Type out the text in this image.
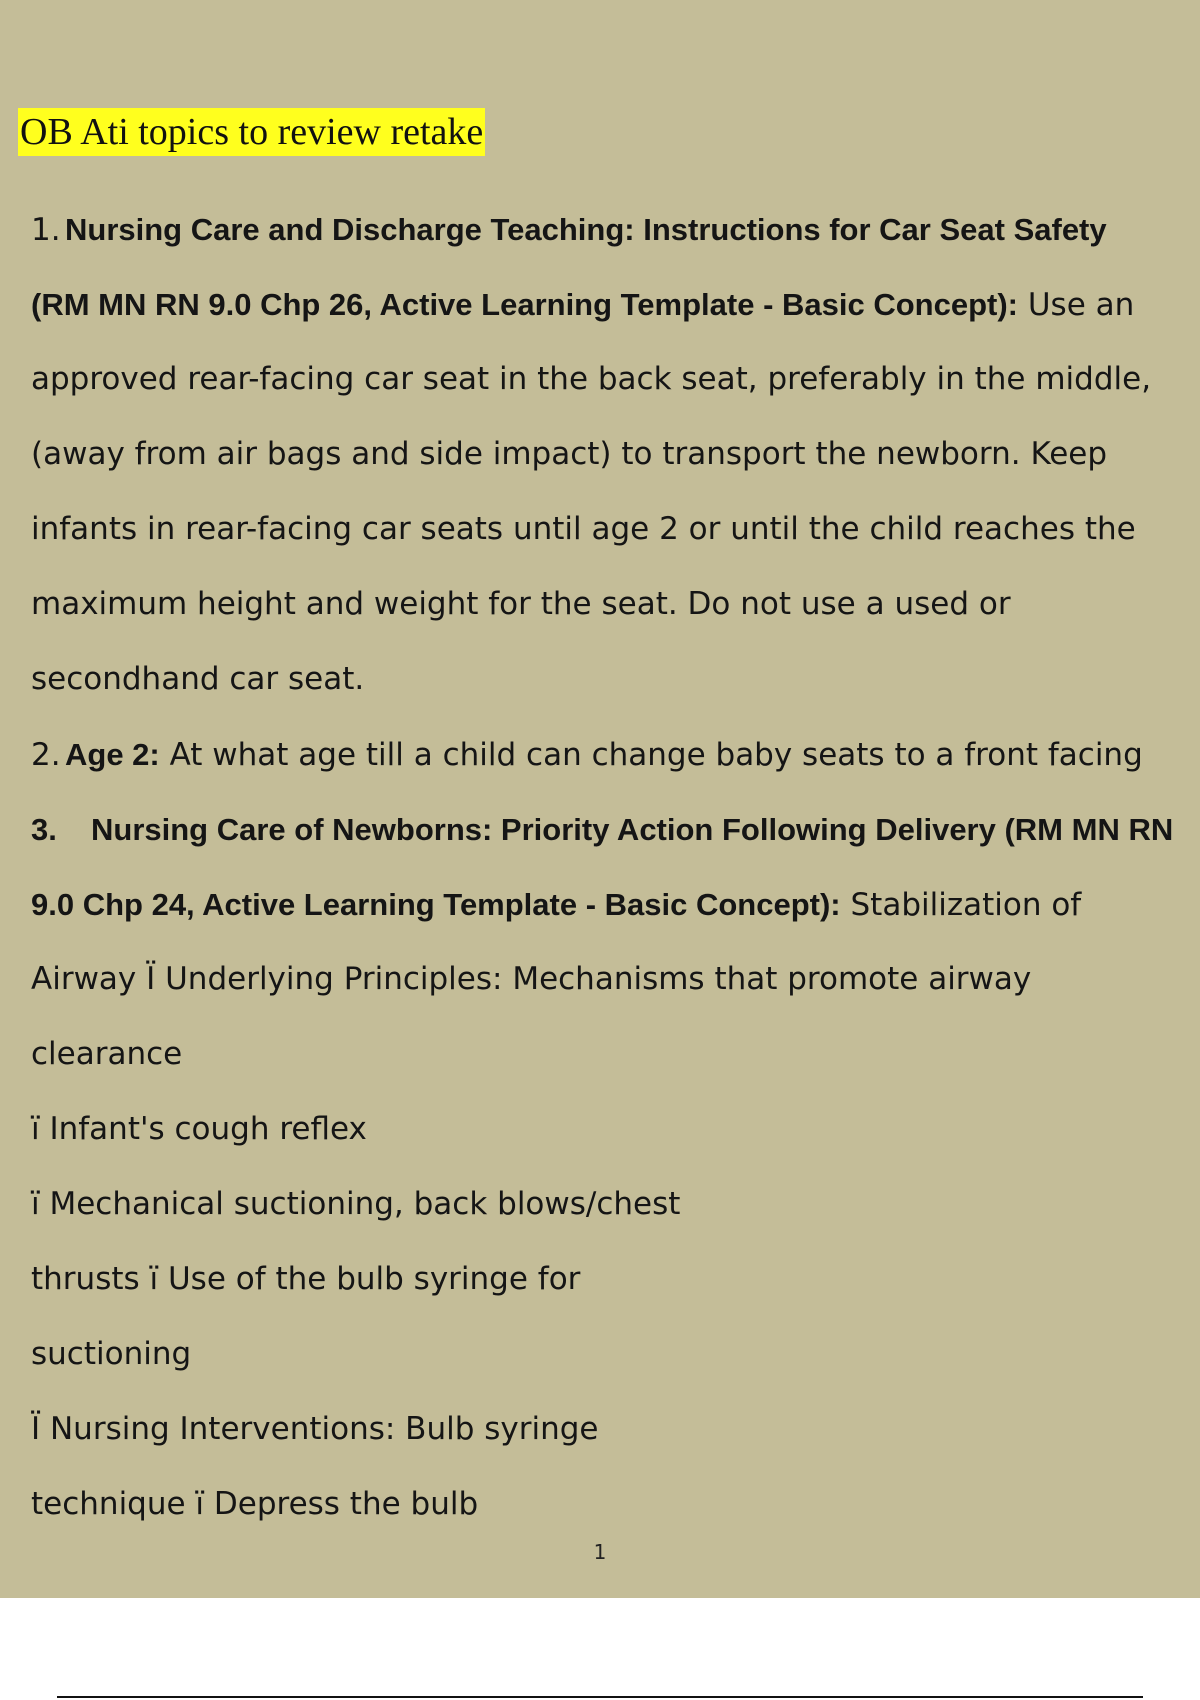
OB Ati topics to review retake
1. Nursing Care and Discharge Teaching: Instructions for Car Seat Safety
(RM MN RN 9.0 Chp 26, Active Learning Template - Basic Concept): Use an
approved rear-facing car seat in the back seat, preferably in the middle,
(away from air bags and side impact) to transport the newborn. Keep
infants in rear-facing car seats until age 2 or until the child reaches the
maximum height and weight for the seat. Do not use a used or
secondhand car seat.
2. Age 2: At what age till a child can change baby seats to a front facing
3. Nursing Care of Newborns: Priority Action Following Delivery (RM MN RN
9.0 Chp 24, Active Learning Template - Basic Concept): Stabilization of
Airway Ï Underlying Principles: Mechanisms that promote airway
clearance
ï Infant's cough reflex
ï Mechanical suctioning, back blows/chest
thrusts ï Use of the bulb syringe for
suctioning
Ï Nursing Interventions: Bulb syringe
technique ï Depress the bulb
1
